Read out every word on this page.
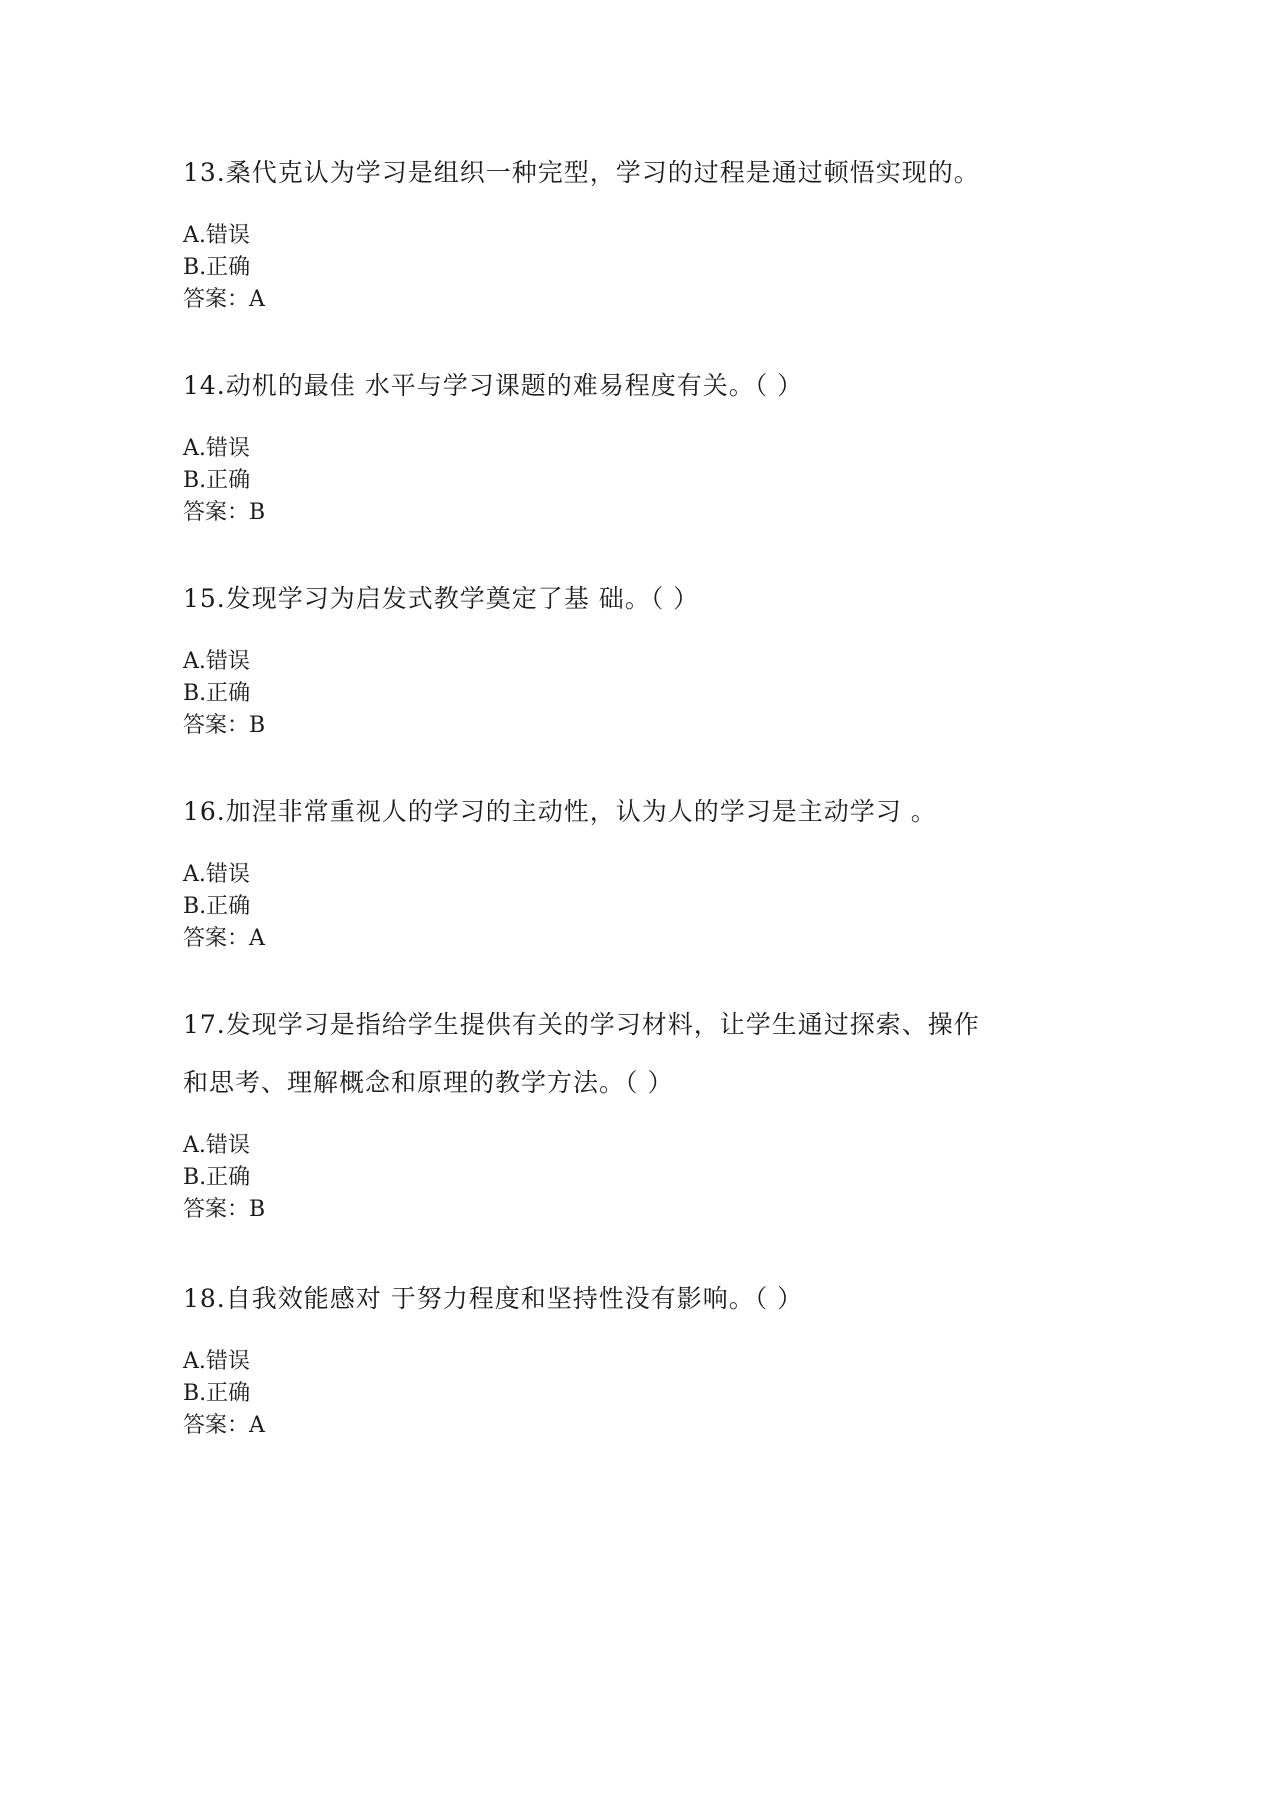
13.桑代克认为学习是组织一种完型，学习的过程是通过顿悟实现的。
A.错误
B.正确
答案：A
14.动机的最佳 水平与学习课题的难易程度有关。（ ）
A.错误
B.正确
答案：B
15.发现学习为启发式教学奠定了基 础。（ ）
A.错误
B.正确
答案：B
16.加涅非常重视人的学习的主动性，认为人的学习是主动学习 。
A.错误
B.正确
答案：A
17.发现学习是指给学生提供有关的学习材料，让学生通过探索、操作
和思考、理解概念和原理的教学方法。（ ）
A.错误
B.正确
答案：B
18.自我效能感对 于努力程度和坚持性没有影响。（ ）
A.错误
B.正确
答案：A
